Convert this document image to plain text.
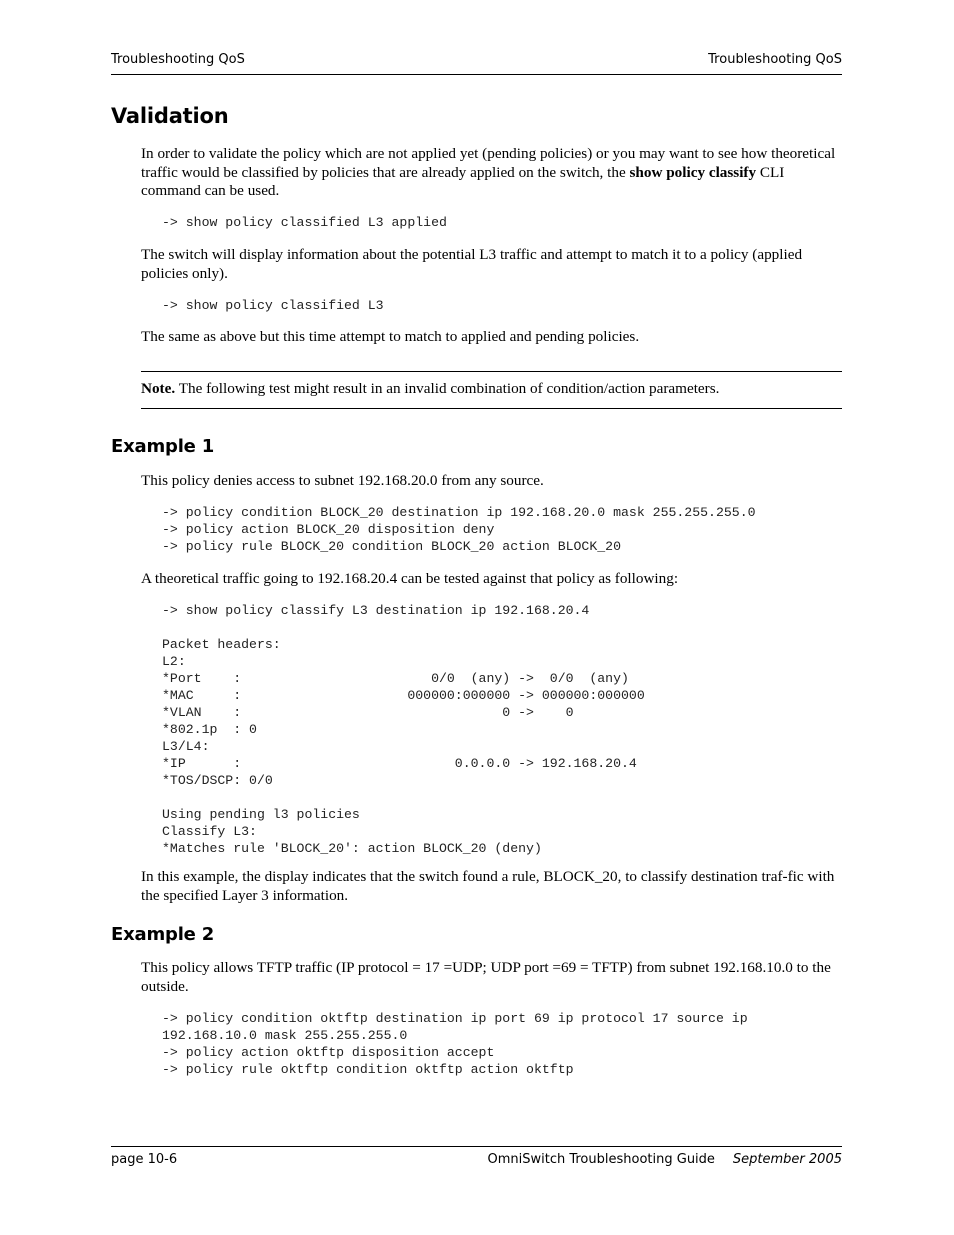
Troubleshooting QoS	Troubleshooting QoS
Validation

In order to validate the policy which are not applied yet (pending policies) or you may want to see how theoretical traffic would be classified by policies that are already applied on the switch, the show policy classify CLI command can be used.

-> show policy classified L3 applied

The switch will display information about the potential L3 traffic and attempt to match it to a policy (applied policies only).

-> show policy classified L3

The same as above but this time attempt to match to applied and pending policies.

Note. The following test might result in an invalid combination of condition/action parameters.
Example 1

This policy denies access to subnet 192.168.20.0 from any source.

-> policy condition BLOCK_20 destination ip 192.168.20.0 mask 255.255.255.0
-> policy action BLOCK_20 disposition deny
-> policy rule BLOCK_20 condition BLOCK_20 action BLOCK_20

A theoretical traffic going to 192.168.20.4 can be tested against that policy as following:

-> show policy classify L3 destination ip 192.168.20.4

Packet headers:
L2:
*Port    :                        0/0  (any) ->  0/0  (any)
*MAC     :                     000000:000000 -> 000000:000000
*VLAN    :                                 0 ->    0
*802.1p  : 0
L3/L4:
*IP      :                           0.0.0.0 -> 192.168.20.4
*TOS/DSCP: 0/0

Using pending l3 policies
Classify L3:
*Matches rule 'BLOCK_20': action BLOCK_20 (deny)

In this example, the display indicates that the switch found a rule, BLOCK_20, to classify destination traf-fic with the specified Layer 3 information.

Example 2

This policy allows TFTP traffic (IP protocol = 17 =UDP; UDP port =69 = TFTP) from subnet 192.168.10.0 to the outside.

-> policy condition oktftp destination ip port 69 ip protocol 17 source ip
192.168.10.0 mask 255.255.255.0
-> policy action oktftp disposition accept
-> policy rule oktftp condition oktftp action oktftp
page 10-6	OmniSwitch Troubleshooting Guide September 2005
